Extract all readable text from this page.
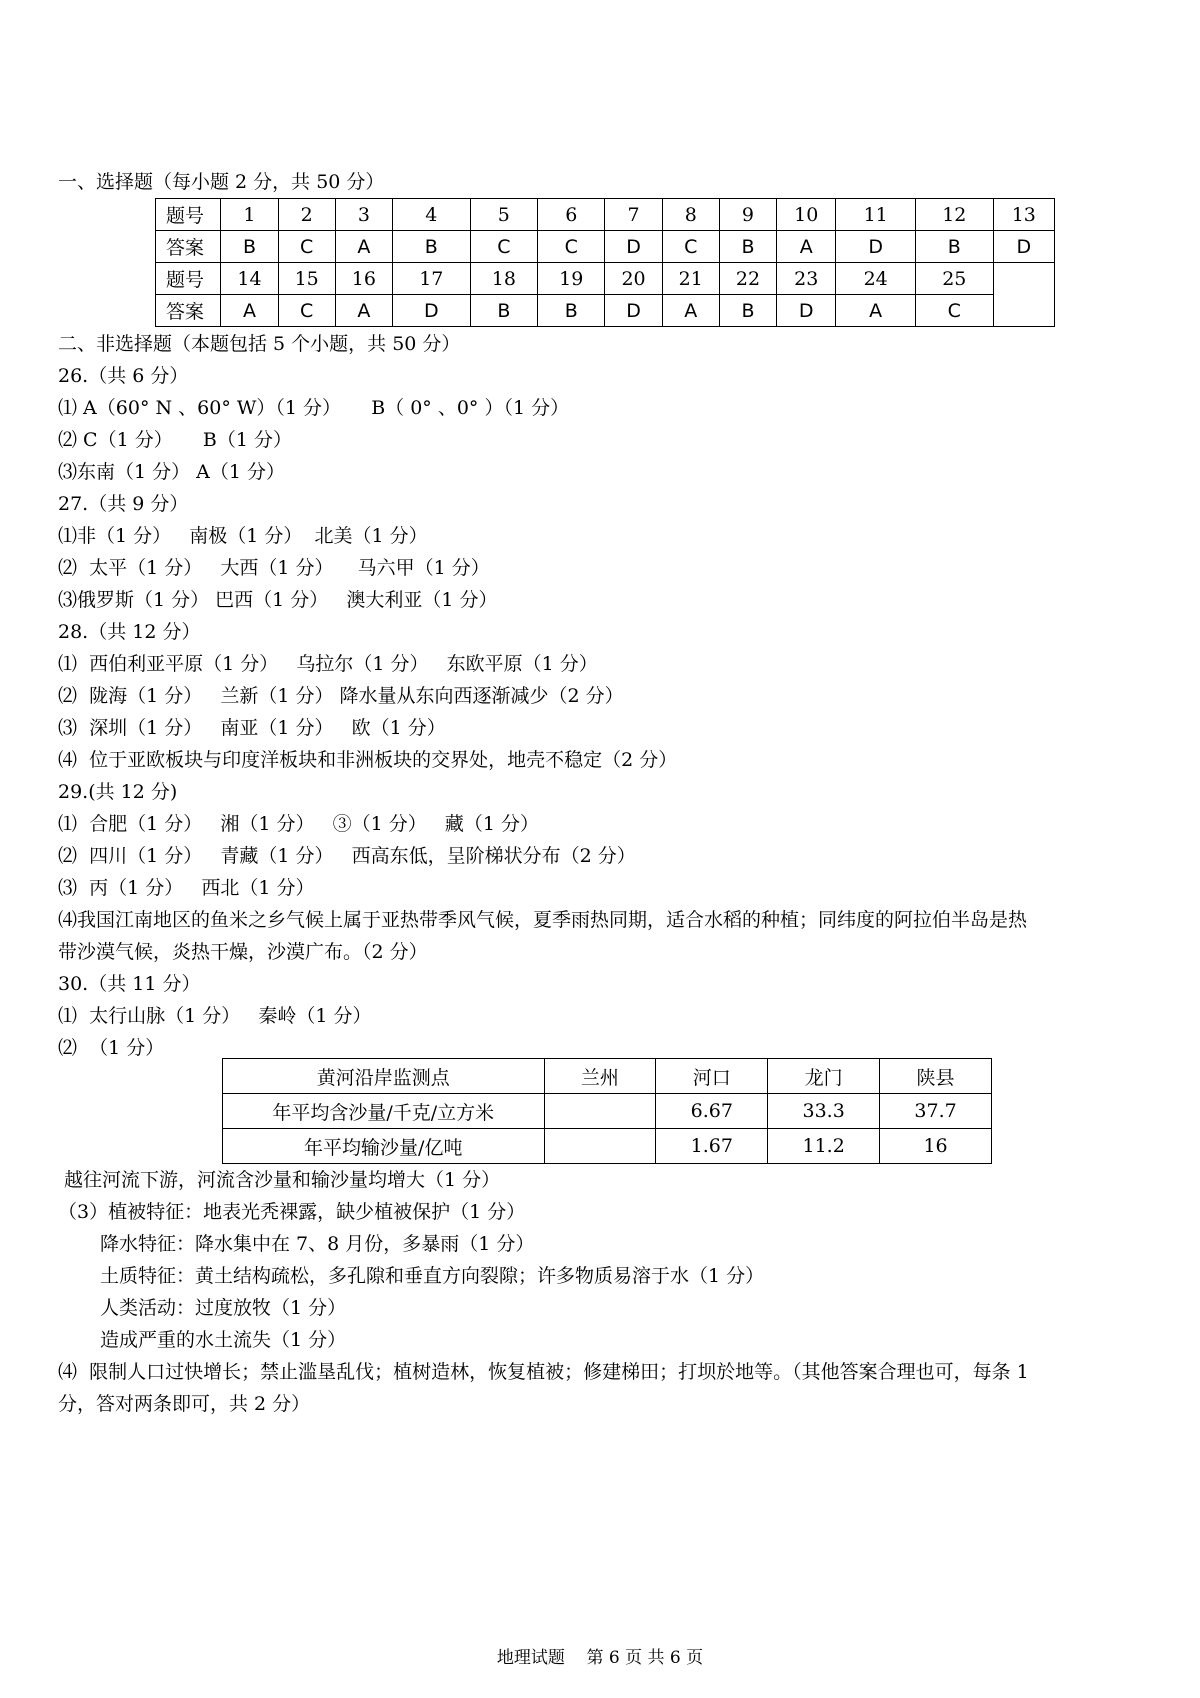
一、选择题（每小题 2 分，共 50 分）
题号	1	2	3	4	5	6	7	8	9	10	11	12	13
答案	B	C	A	B	C	C	D	C	B	A	D	B	D
题号	14	15	16	17	18	19	20	21	22	23	24	25	
答案	A	C	A	D	B	B	D	A	B	D	A	C	
二、非选择题（本题包括 5 个小题，共 50 分）
26.（共 6 分）
⑴ A（60° N 、60° W）（1 分）     B（ 0° 、0° ）（1 分）
⑵ C（1 分）     B（1 分）
⑶东南（1 分） A（1 分）
27.（共 9 分）
⑴非（1 分）   南极（1 分）  北美（1 分）
⑵  太平（1 分）   大西（1 分）    马六甲（1 分）
⑶俄罗斯（1 分） 巴西（1 分）   澳大利亚（1 分）
28.（共 12 分）
⑴  西伯利亚平原（1 分）   乌拉尔（1 分）   东欧平原（1 分）
⑵  陇海（1 分）   兰新（1 分） 降水量从东向西逐渐减少（2 分）
⑶  深圳（1 分）   南亚（1 分）   欧（1 分）
⑷  位于亚欧板块与印度洋板块和非洲板块的交界处，地壳不稳定（2 分）
29.(共 12 分)
⑴  合肥（1 分）   湘（1 分）   ③（1 分）   藏（1 分）
⑵  四川（1 分）   青藏（1 分）   西高东低，呈阶梯状分布（2 分）
⑶  丙（1 分）   西北（1 分）
⑷我国江南地区的鱼米之乡气候上属于亚热带季风气候，夏季雨热同期，适合水稻的种植；同纬度的阿拉伯半岛是热
带沙漠气候，炎热干燥，沙漠广布。（2 分）
30.（共 11 分）
⑴  太行山脉（1 分）   秦岭（1 分）
⑵  （1 分）
黄河沿岸监测点	兰州	河口	龙门	陕县
年平均含沙量/千克/立方米		6.67	33.3	37.7
年平均输沙量/亿吨		1.67	11.2	16
越往河流下游，河流含沙量和输沙量均增大（1 分）
（3）植被特征：地表光秃裸露，缺少植被保护（1 分）
降水特征：降水集中在 7、8 月份，多暴雨（1 分）
土质特征：黄土结构疏松，多孔隙和垂直方向裂隙；许多物质易溶于水（1 分）
人类活动：过度放牧（1 分）
造成严重的水土流失（1 分）
⑷  限制人口过快增长；禁止滥垦乱伐；植树造林，恢复植被；修建梯田；打坝於地等。（其他答案合理也可，每条 1
分，答对两条即可，共 2 分）
地理试题    第 6 页 共 6 页
